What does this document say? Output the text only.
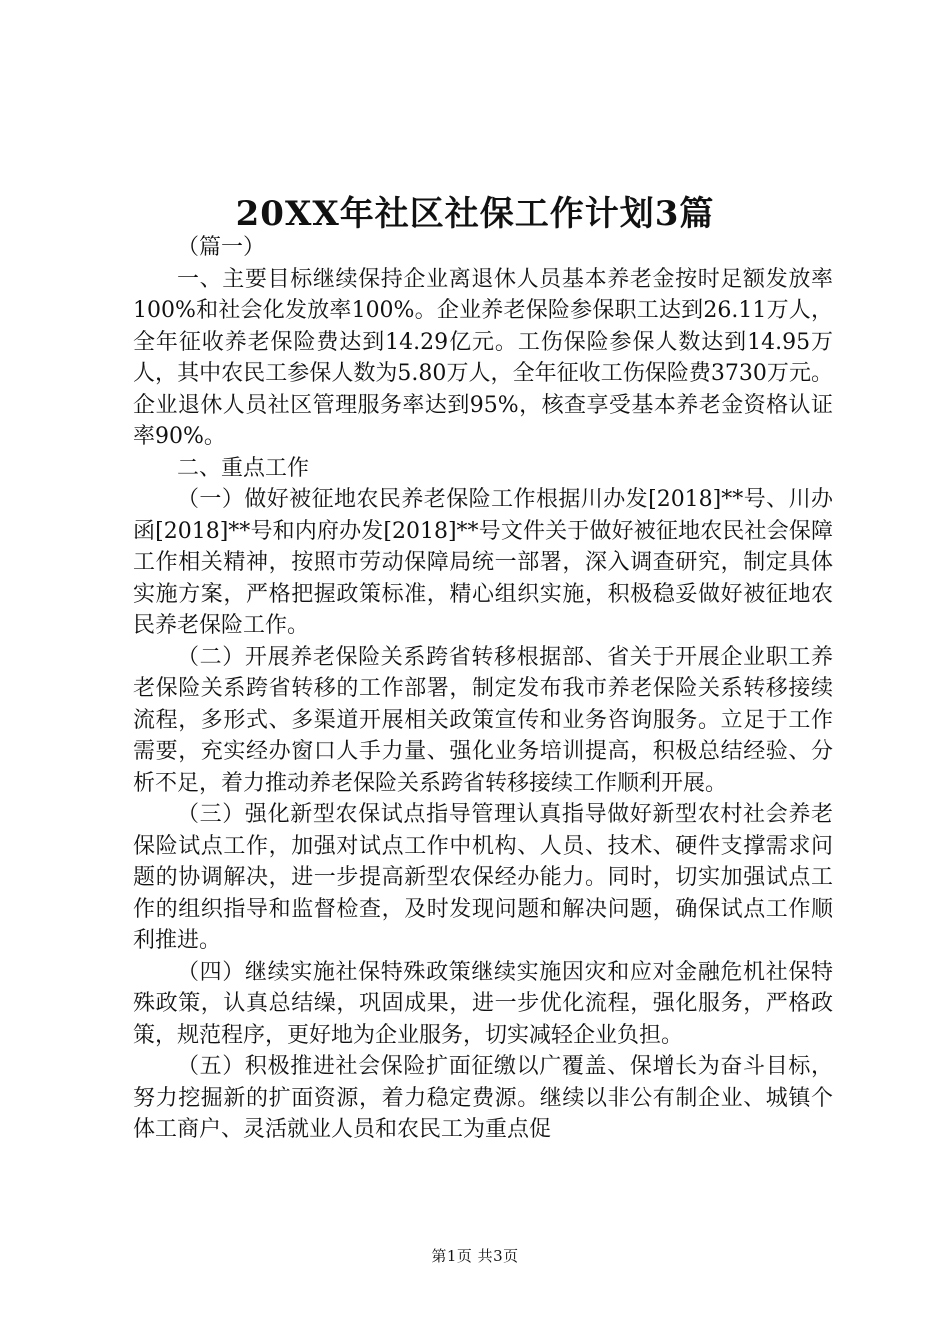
20XX年社区社保工作计划3篇

（篇一）

一、主要目标继续保持企业离退休人员基本养老金按时足额发放率100%和社会化发放率100%。企业养老保险参保职工达到26.11万人，全年征收养老保险费达到14.29亿元。工伤保险参保人数达到14.95万人，其中农民工参保人数为5.80万人，全年征收工伤保险费3730万元。企业退休人员社区管理服务率达到95%，核查享受基本养老金资格认证率90%。

二、重点工作

（一）做好被征地农民养老保险工作根据川办发[2018]**号、川办函[2018]**号和内府办发[2018]**号文件关于做好被征地农民社会保障工作相关精神，按照市劳动保障局统一部署，深入调查研究，制定具体实施方案，严格把握政策标准，精心组织实施，积极稳妥做好被征地农民养老保险工作。

（二）开展养老保险关系跨省转移根据部、省关于开展企业职工养老保险关系跨省转移的工作部署，制定发布我市养老保险关系转移接续流程，多形式、多渠道开展相关政策宣传和业务咨询服务。立足于工作需要，充实经办窗口人手力量、强化业务培训提高，积极总结经验、分析不足，着力推动养老保险关系跨省转移接续工作顺利开展。

（三）强化新型农保试点指导管理认真指导做好新型农村社会养老保险试点工作，加强对试点工作中机构、人员、技术、硬件支撑需求问题的协调解决，进一步提高新型农保经办能力。同时，切实加强试点工作的组织指导和监督检查，及时发现问题和解决问题，确保试点工作顺利推进。

（四）继续实施社保特殊政策继续实施因灾和应对金融危机社保特殊政策，认真总结缲，巩固成果，进一步优化流程，强化服务，严格政策，规范程序，更好地为企业服务，切实减轻企业负担。

（五）积极推进社会保险扩面征缴以广覆盖、保增长为奋斗目标，努力挖掘新的扩面资源，着力稳定费源。继续以非公有制企业、城镇个体工商户、灵活就业人员和农民工为重点促

第1页 共3页
